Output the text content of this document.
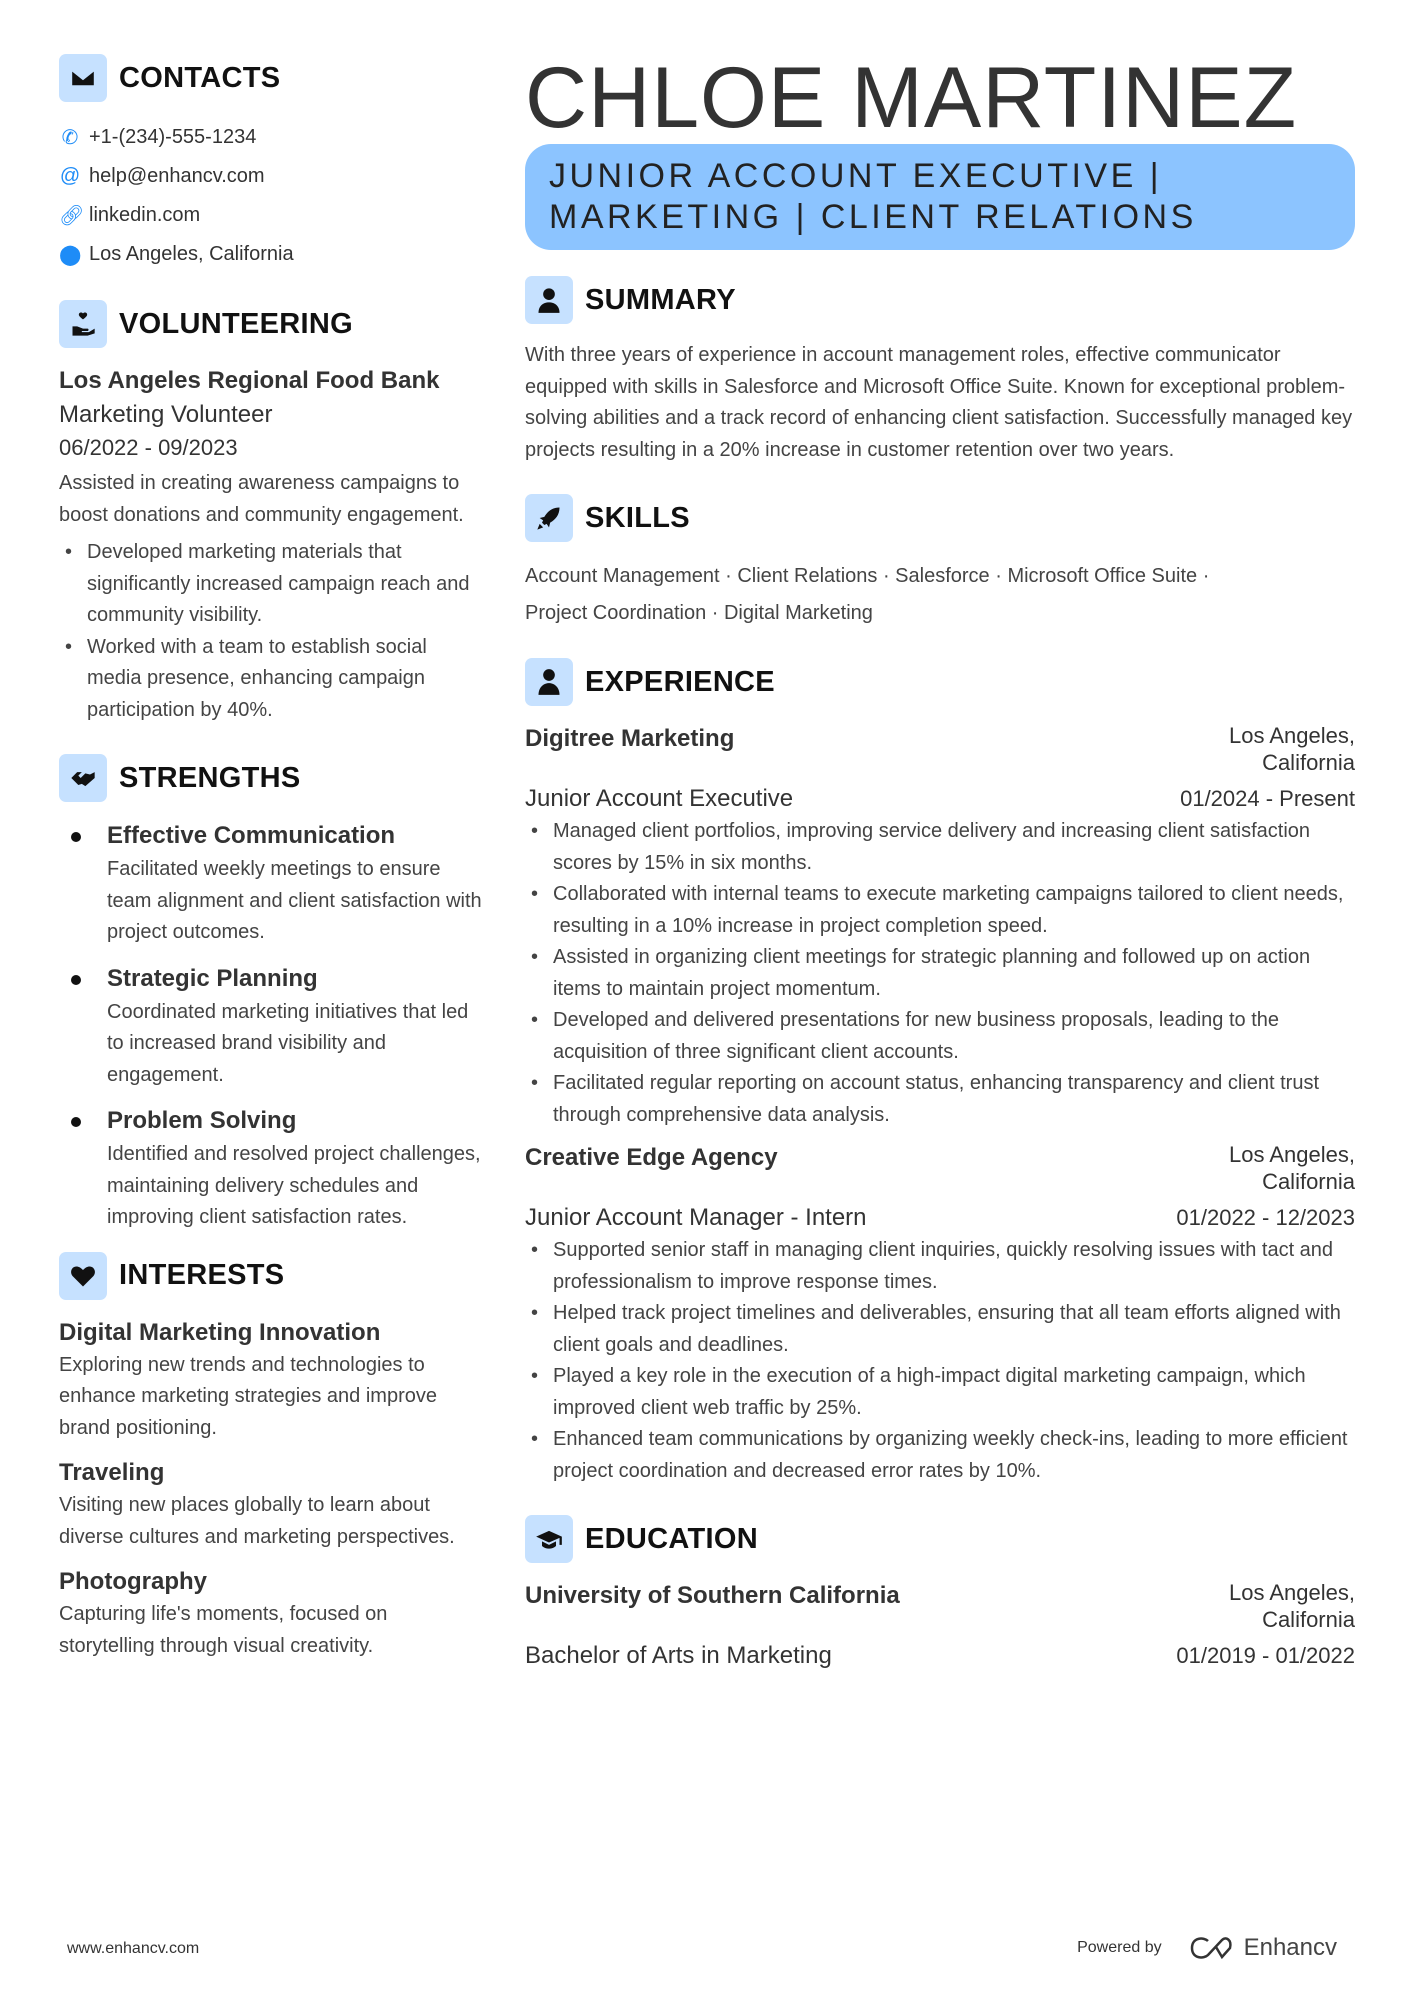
CONTACTS
✆ +1-(234)-555-1234
@ help@enhancv.com
🔗︎ linkedin.com
⬤ Los Angeles, California
VOLUNTEERING
Los Angeles Regional Food Bank
Marketing Volunteer
06/2022 - 09/2023
Assisted in creating awareness campaigns to boost donations and community engagement.
• Developed marketing materials that significantly increased campaign reach and community visibility.
• Worked with a team to establish social media presence, enhancing campaign participation by 40%.
STRENGTHS
Effective Communication
Facilitated weekly meetings to ensure team alignment and client satisfaction with project outcomes.
Strategic Planning
Coordinated marketing initiatives that led to increased brand visibility and engagement.
Problem Solving
Identified and resolved project challenges, maintaining delivery schedules and improving client satisfaction rates.
INTERESTS
Digital Marketing Innovation
Exploring new trends and technologies to enhance marketing strategies and improve brand positioning.
Traveling
Visiting new places globally to learn about diverse cultures and marketing perspectives.
Photography
Capturing life's moments, focused on storytelling through visual creativity.
CHLOE MARTINEZ
JUNIOR ACCOUNT EXECUTIVE | MARKETING | CLIENT RELATIONS
SUMMARY
With three years of experience in account management roles, effective communicator equipped with skills in Salesforce and Microsoft Office Suite. Known for exceptional problem-solving abilities and a track record of enhancing client satisfaction. Successfully managed key projects resulting in a 20% increase in customer retention over two years.
SKILLS
Account Management · Client Relations · Salesforce · Microsoft Office Suite ·
Project Coordination · Digital Marketing
EXPERIENCE
Digitree Marketing	Los Angeles, California
Junior Account Executive	01/2024 - Present
• Managed client portfolios, improving service delivery and increasing client satisfaction scores by 15% in six months.
• Collaborated with internal teams to execute marketing campaigns tailored to client needs, resulting in a 10% increase in project completion speed.
• Assisted in organizing client meetings for strategic planning and followed up on action items to maintain project momentum.
• Developed and delivered presentations for new business proposals, leading to the acquisition of three significant client accounts.
• Facilitated regular reporting on account status, enhancing transparency and client trust through comprehensive data analysis.
Creative Edge Agency	Los Angeles, California
Junior Account Manager - Intern	01/2022 - 12/2023
• Supported senior staff in managing client inquiries, quickly resolving issues with tact and professionalism to improve response times.
• Helped track project timelines and deliverables, ensuring that all team efforts aligned with client goals and deadlines.
• Played a key role in the execution of a high-impact digital marketing campaign, which improved client web traffic by 25%.
• Enhanced team communications by organizing weekly check-ins, leading to more efficient project coordination and decreased error rates by 10%.
EDUCATION
University of Southern California	Los Angeles, California
Bachelor of Arts in Marketing	01/2019 - 01/2022
www.enhancv.com	Powered by	Enhancv
